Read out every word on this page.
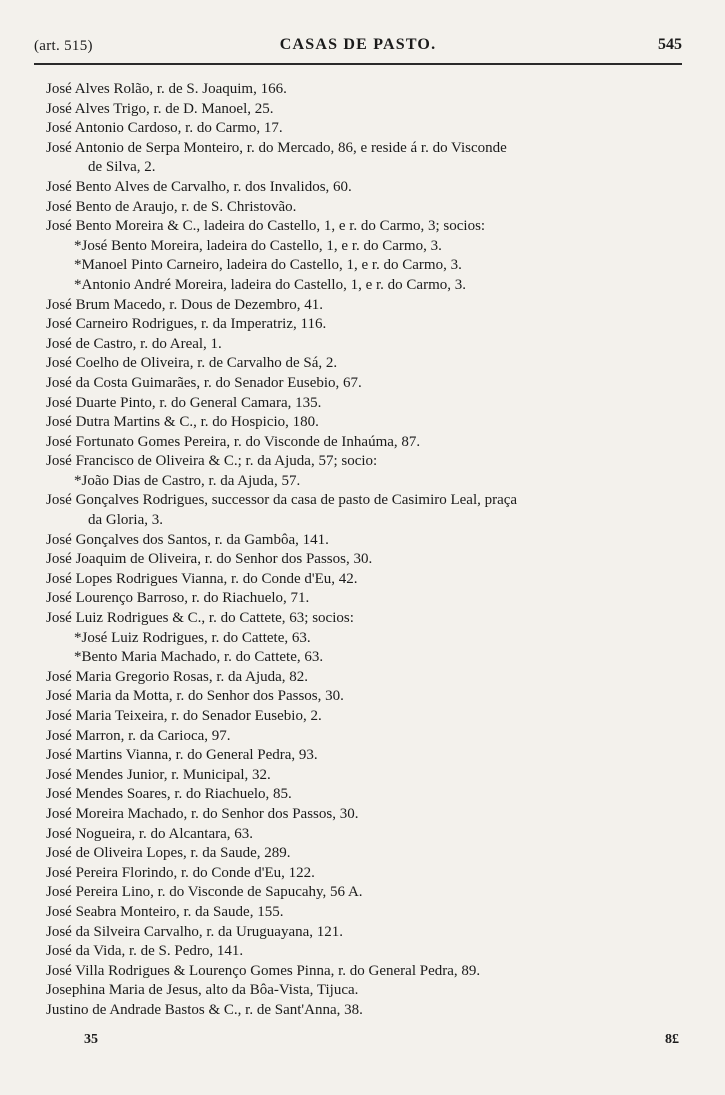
(art. 515)	CASAS DE PASTO.	545
José Alves Rolão, r. de S. Joaquim, 166.
José Alves Trigo, r. de D. Manoel, 25.
José Antonio Cardoso, r. do Carmo, 17.
José Antonio de Serpa Monteiro, r. do Mercado, 86, e reside á r. do Visconde
de Silva, 2.
José Bento Alves de Carvalho, r. dos Invalidos, 60.
José Bento de Araujo, r. de S. Christovão.
José Bento Moreira & C., ladeira do Castello, 1, e r. do Carmo, 3; socios:
*José Bento Moreira, ladeira do Castello, 1, e r. do Carmo, 3.
*Manoel Pinto Carneiro, ladeira do Castello, 1, e r. do Carmo, 3.
*Antonio André Moreira, ladeira do Castello, 1, e r. do Carmo, 3.
José Brum Macedo, r. Dous de Dezembro, 41.
José Carneiro Rodrigues, r. da Imperatriz, 116.
José de Castro, r. do Areal, 1.
José Coelho de Oliveira, r. de Carvalho de Sá, 2.
José da Costa Guimarães, r. do Senador Eusebio, 67.
José Duarte Pinto, r. do General Camara, 135.
José Dutra Martins & C., r. do Hospicio, 180.
José Fortunato Gomes Pereira, r. do Visconde de Inhaúma, 87.
José Francisco de Oliveira & C.; r. da Ajuda, 57; socio:
*João Dias de Castro, r. da Ajuda, 57.
José Gonçalves Rodrigues, successor da casa de pasto de Casimiro Leal, praça
da Gloria, 3.
José Gonçalves dos Santos, r. da Gambôa, 141.
José Joaquim de Oliveira, r. do Senhor dos Passos, 30.
José Lopes Rodrigues Vianna, r. do Conde d'Eu, 42.
José Lourenço Barroso, r. do Riachuelo, 71.
José Luiz Rodrigues & C., r. do Cattete, 63; socios:
*José Luiz Rodrigues, r. do Cattete, 63.
*Bento Maria Machado, r. do Cattete, 63.
José Maria Gregorio Rosas, r. da Ajuda, 82.
José Maria da Motta, r. do Senhor dos Passos, 30.
José Maria Teixeira, r. do Senador Eusebio, 2.
José Marron, r. da Carioca, 97.
José Martins Vianna, r. do General Pedra, 93.
José Mendes Junior, r. Municipal, 32.
José Mendes Soares, r. do Riachuelo, 85.
José Moreira Machado, r. do Senhor dos Passos, 30.
José Nogueira, r. do Alcantara, 63.
José de Oliveira Lopes, r. da Saude, 289.
José Pereira Florindo, r. do Conde d'Eu, 122.
José Pereira Lino, r. do Visconde de Sapucahy, 56 A.
José Seabra Monteiro, r. da Saude, 155.
José da Silveira Carvalho, r. da Uruguayana, 121.
José da Vida, r. de S. Pedro, 141.
José Villa Rodrigues & Lourenço Gomes Pinna, r. do General Pedra, 89.
Josephina Maria de Jesus, alto da Bôa-Vista, Tijuca.
Justino de Andrade Bastos & C., r. de Sant'Anna, 38.
35	8£
